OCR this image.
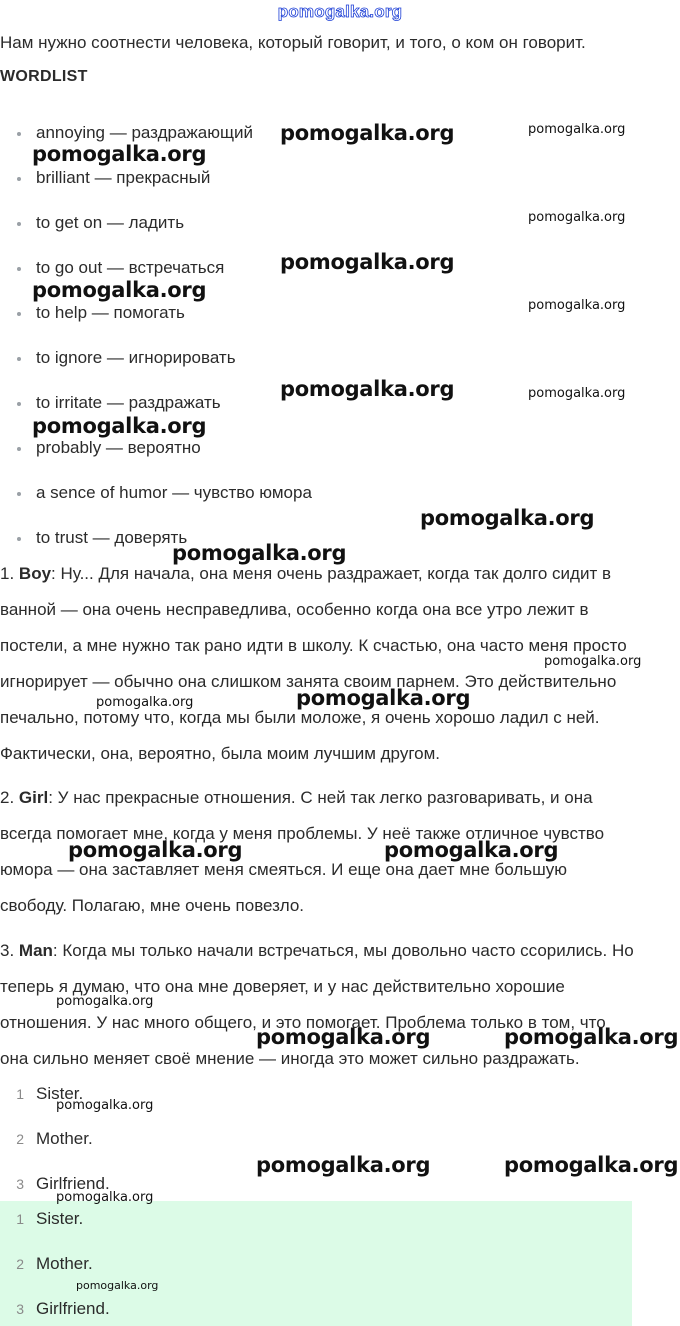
pomogalka.org
Нам нужно соотнести человека, который говорит, и того, о ком он говорит.
WORDLIST
annoying — раздражающий
brilliant — прекрасный
to get on — ладить
to go out — встречаться
to help — помогать
to ignore — игнорировать
to irritate — раздражать
probably — вероятно
a sence of humor — чувство юмора
to trust — доверять
1. Boy: Ну... Для начала, она меня очень раздражает, когда так долго сидит в
ванной — она очень несправедлива, особенно когда она все утро лежит в
постели, а мне нужно так рано идти в школу. К счастью, она часто меня просто
игнорирует — обычно она слишком занята своим парнем. Это действительно
печально, потому что, когда мы были моложе, я очень хорошо ладил с ней.
Фактически, она, вероятно, была моим лучшим другом.
2. Girl: У нас прекрасные отношения. С ней так легко разговаривать, и она
всегда помогает мне, когда у меня проблемы. У неё также отличное чувство
юмора — она заставляет меня смеяться. И еще она дает мне большую
свободу. Полагаю, мне очень повезло.
3. Man: Когда мы только начали встречаться, мы довольно часто ссорились. Но
теперь я думаю, что она мне доверяет, и у нас действительно хорошие
отношения. У нас много общего, и это помогает. Проблема только в том, что
она сильно меняет своё мнение — иногда это может сильно раздражать.
1 Sister.
2 Mother.
3 Girlfriend.
1 Sister.
2 Mother.
3 Girlfriend.
pomogalka.org	pomogalka.org
pomogalka.org
pomogalka.org
pomogalka.org
pomogalka.org
pomogalka.org
pomogalka.org	pomogalka.org
pomogalka.org
pomogalka.org
pomogalka.org
pomogalka.org
pomogalka.org
pomogalka.org
pomogalka.org	pomogalka.org
pomogalka.org
pomogalka.org	pomogalka.org
pomogalka.org
pomogalka.org	pomogalka.org
pomogalka.org
pomogalka.org
